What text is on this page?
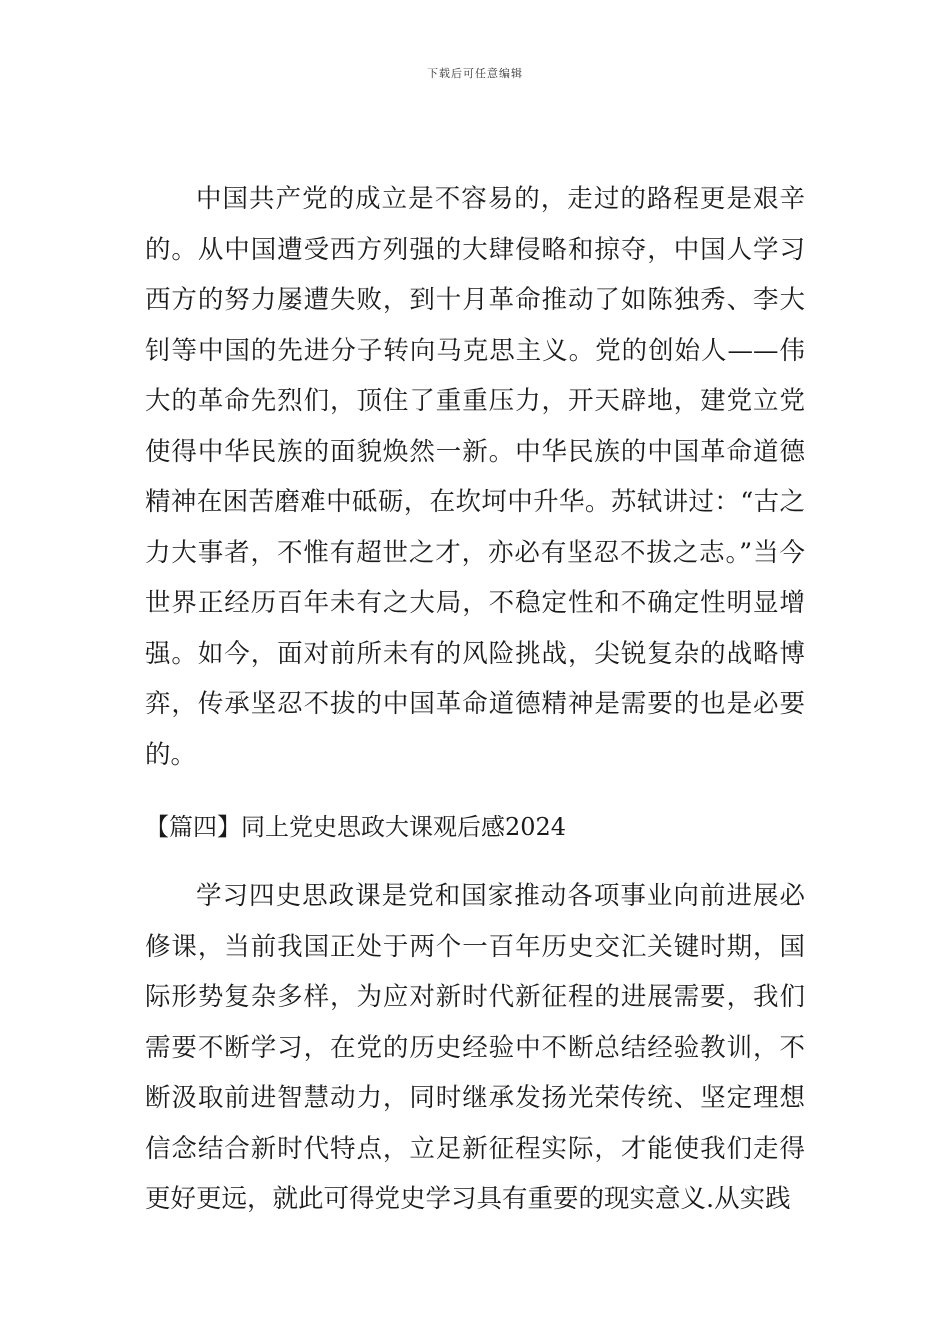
下载后可任意编辑

中国共产党的成立是不容易的，走过的路程更是艰辛的。从中国遭受西方列强的大肆侵略和掠夺，中国人学习西方的努力屡遭失败，到十月革命推动了如陈独秀、李大钊等中国的先进分子转向马克思主义。党的创始人——伟大的革命先烈们，顶住了重重压力，开天辟地，建党立党使得中华民族的面貌焕然一新。中华民族的中国革命道德精神在困苦磨难中砥砺，在坎坷中升华。苏轼讲过：“古之力大事者，不惟有超世之才，亦必有坚忍不拔之志。”当今世界正经历百年未有之大局，不稳定性和不确定性明显增强。如今，面对前所未有的风险挑战，尖锐复杂的战略博弈，传承坚忍不拔的中国革命道德精神是需要的也是必要的。

【篇四】同上党史思政大课观后感2024

学习四史思政课是党和国家推动各项事业向前进展必修课，当前我国正处于两个一百年历史交汇关键时期，国际形势复杂多样，为应对新时代新征程的进展需要，我们需要不断学习，在党的历史经验中不断总结经验教训，不断汲取前进智慧动力，同时继承发扬光荣传统、坚定理想信念结合新时代特点，立足新征程实际，才能使我们走得更好更远，就此可得党史学习具有重要的现实意义.从实践
